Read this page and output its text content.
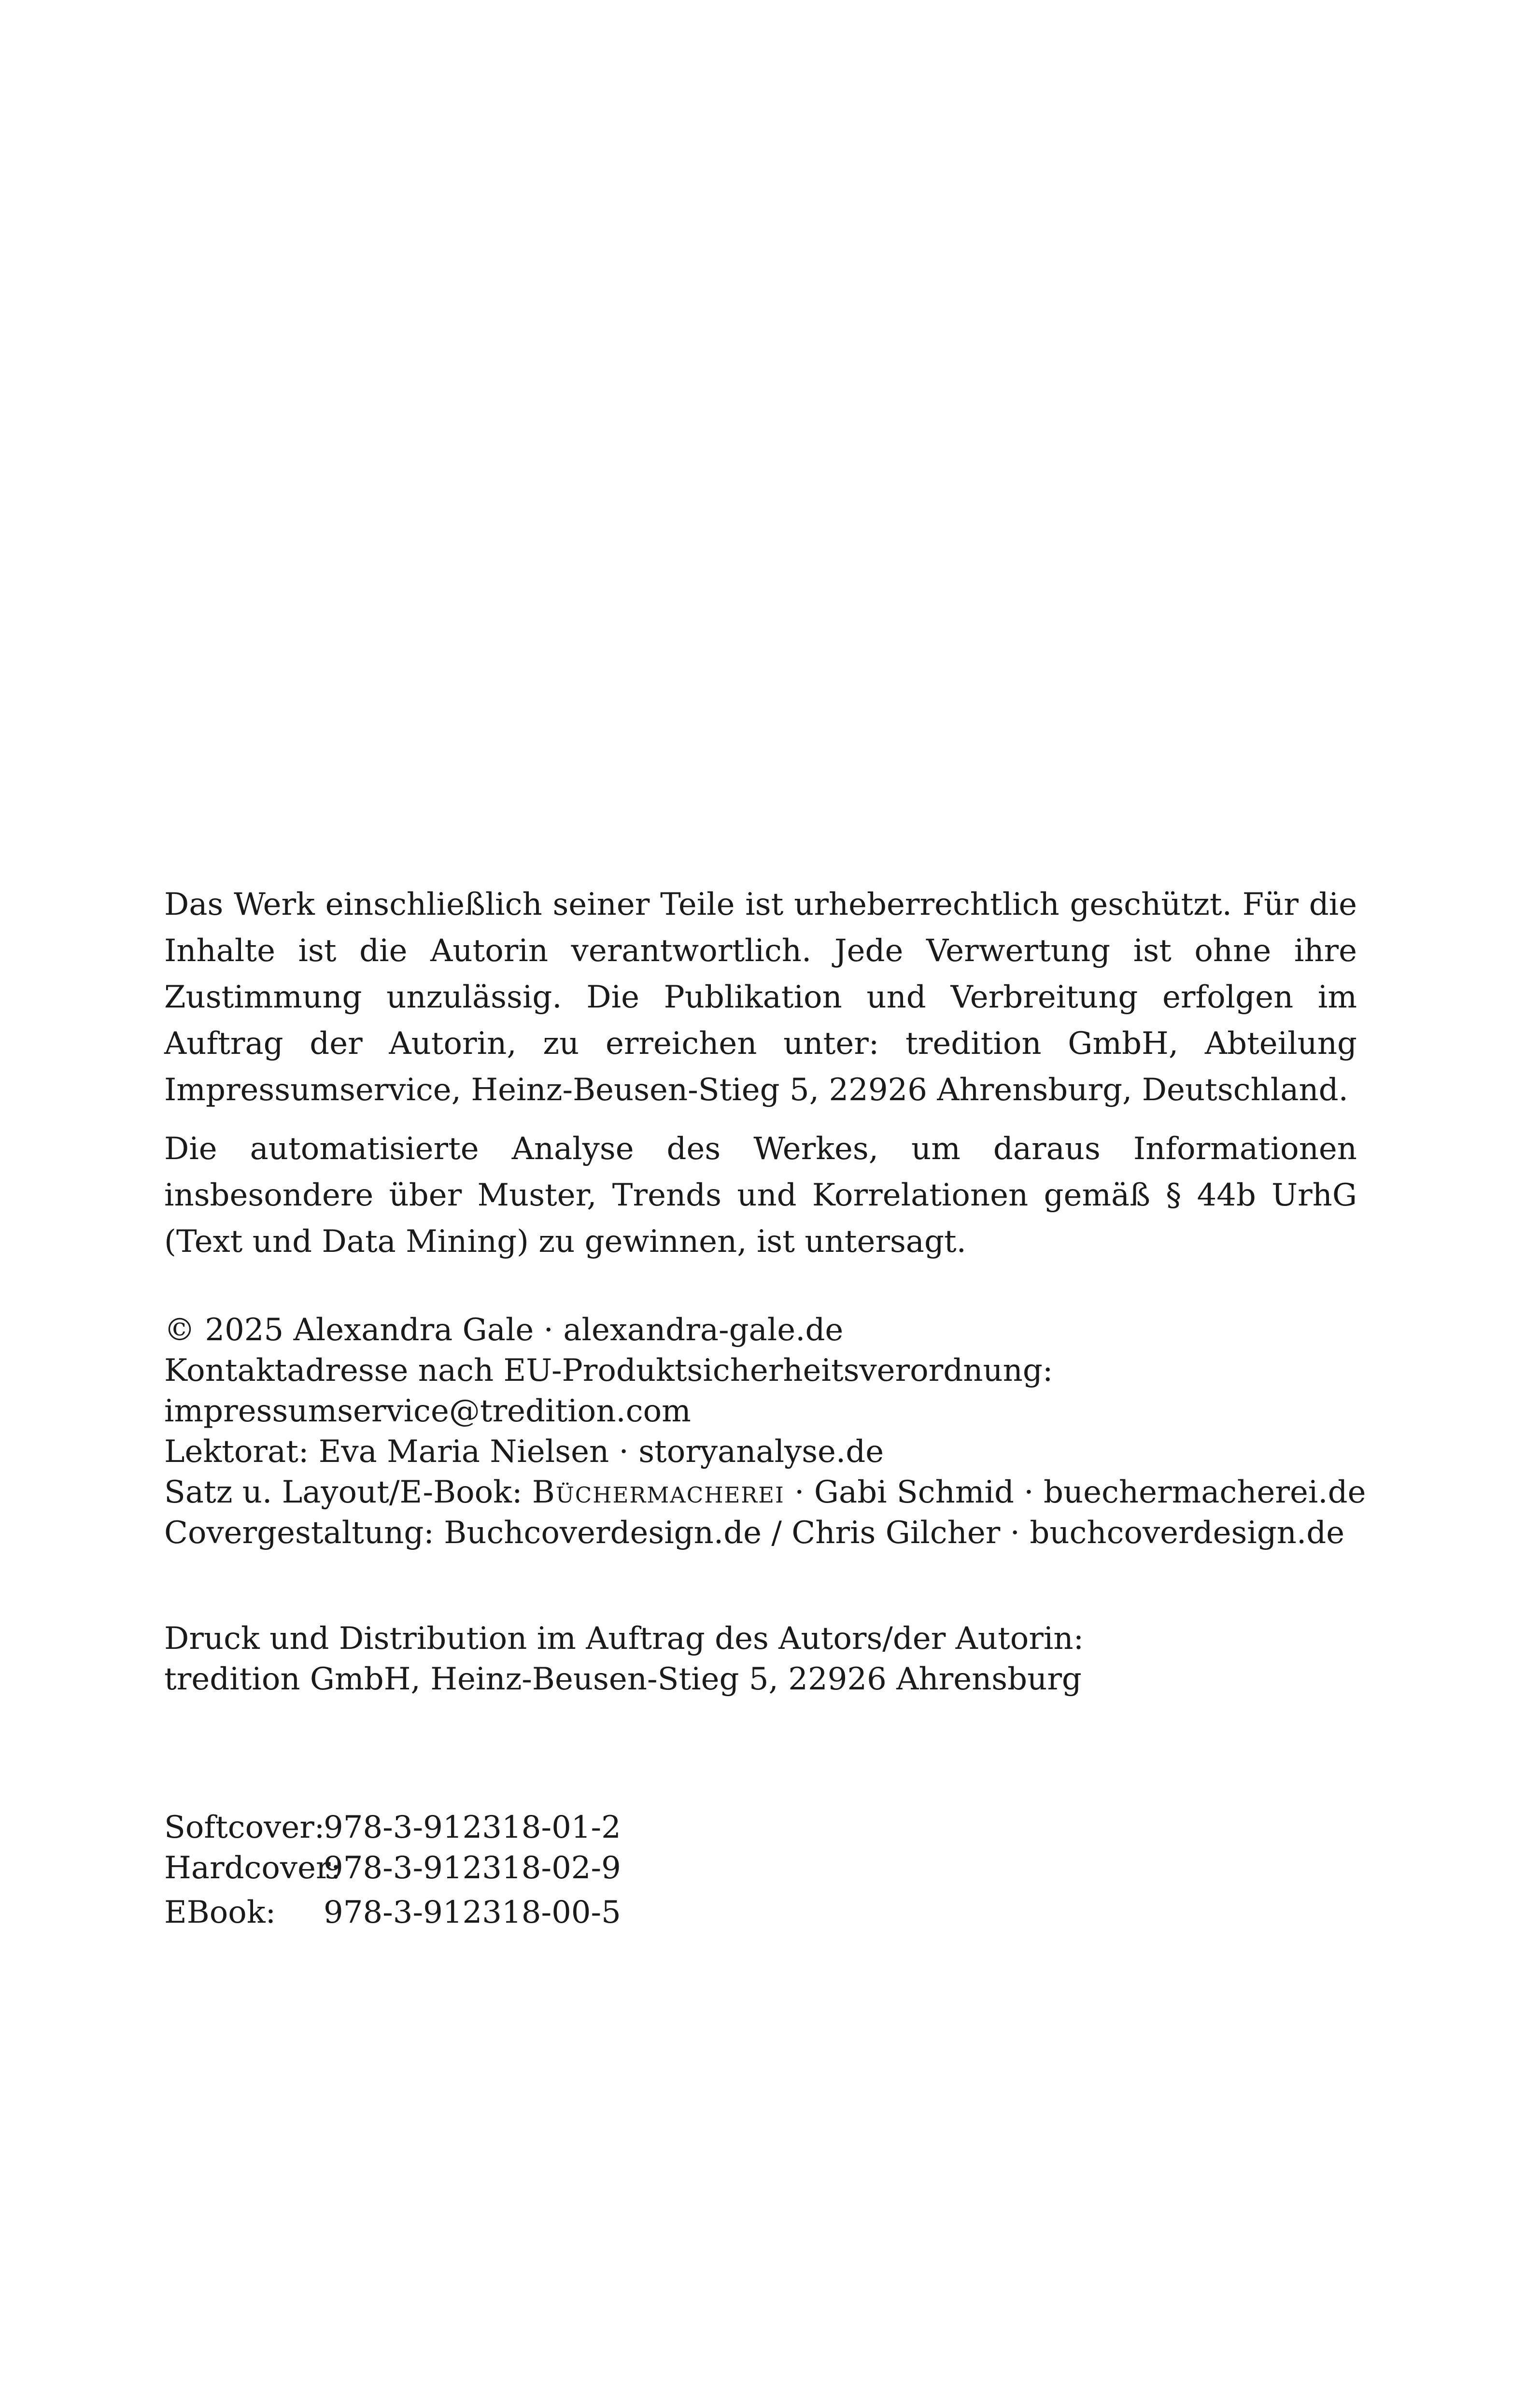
Das Werk einschließlich seiner Teile ist urheberrechtlich geschützt. Für die Inhalte ist die Autorin verantwortlich. Jede Verwertung ist ohne ihre Zustimmung unzulässig. Die Publikation und Verbreitung erfolgen im Auftrag der Autorin, zu erreichen unter: tredition GmbH, Abteilung Impressumservice, Heinz-Beusen-Stieg 5, 22926 Ahrensburg, Deutschland.

Die automatisierte Analyse des Werkes, um daraus Informationen insbesondere über Muster, Trends und Korrelationen gemäß § 44b UrhG (Text und Data Mining) zu gewinnen, ist untersagt.

© 2025 Alexandra Gale · alexandra-gale.de
Kontaktadresse nach EU-Produktsicherheitsverordnung:
impressumservice@tredition.com
Lektorat: Eva Maria Nielsen · storyanalyse.de
Satz u. Layout/E-Book: Büchermacherei · Gabi Schmid · buechermacherei.de
Covergestaltung: Buchcoverdesign.de / Chris Gilcher · buchcoverdesign.de
Druck und Distribution im Auftrag des Autors/der Autorin:
tredition GmbH, Heinz-Beusen-Stieg 5, 22926 Ahrensburg
Softcover:
978-3-912318-01-2
Hardcover:
978-3-912318-02-9
EBook:	978-3-912318-00-5
